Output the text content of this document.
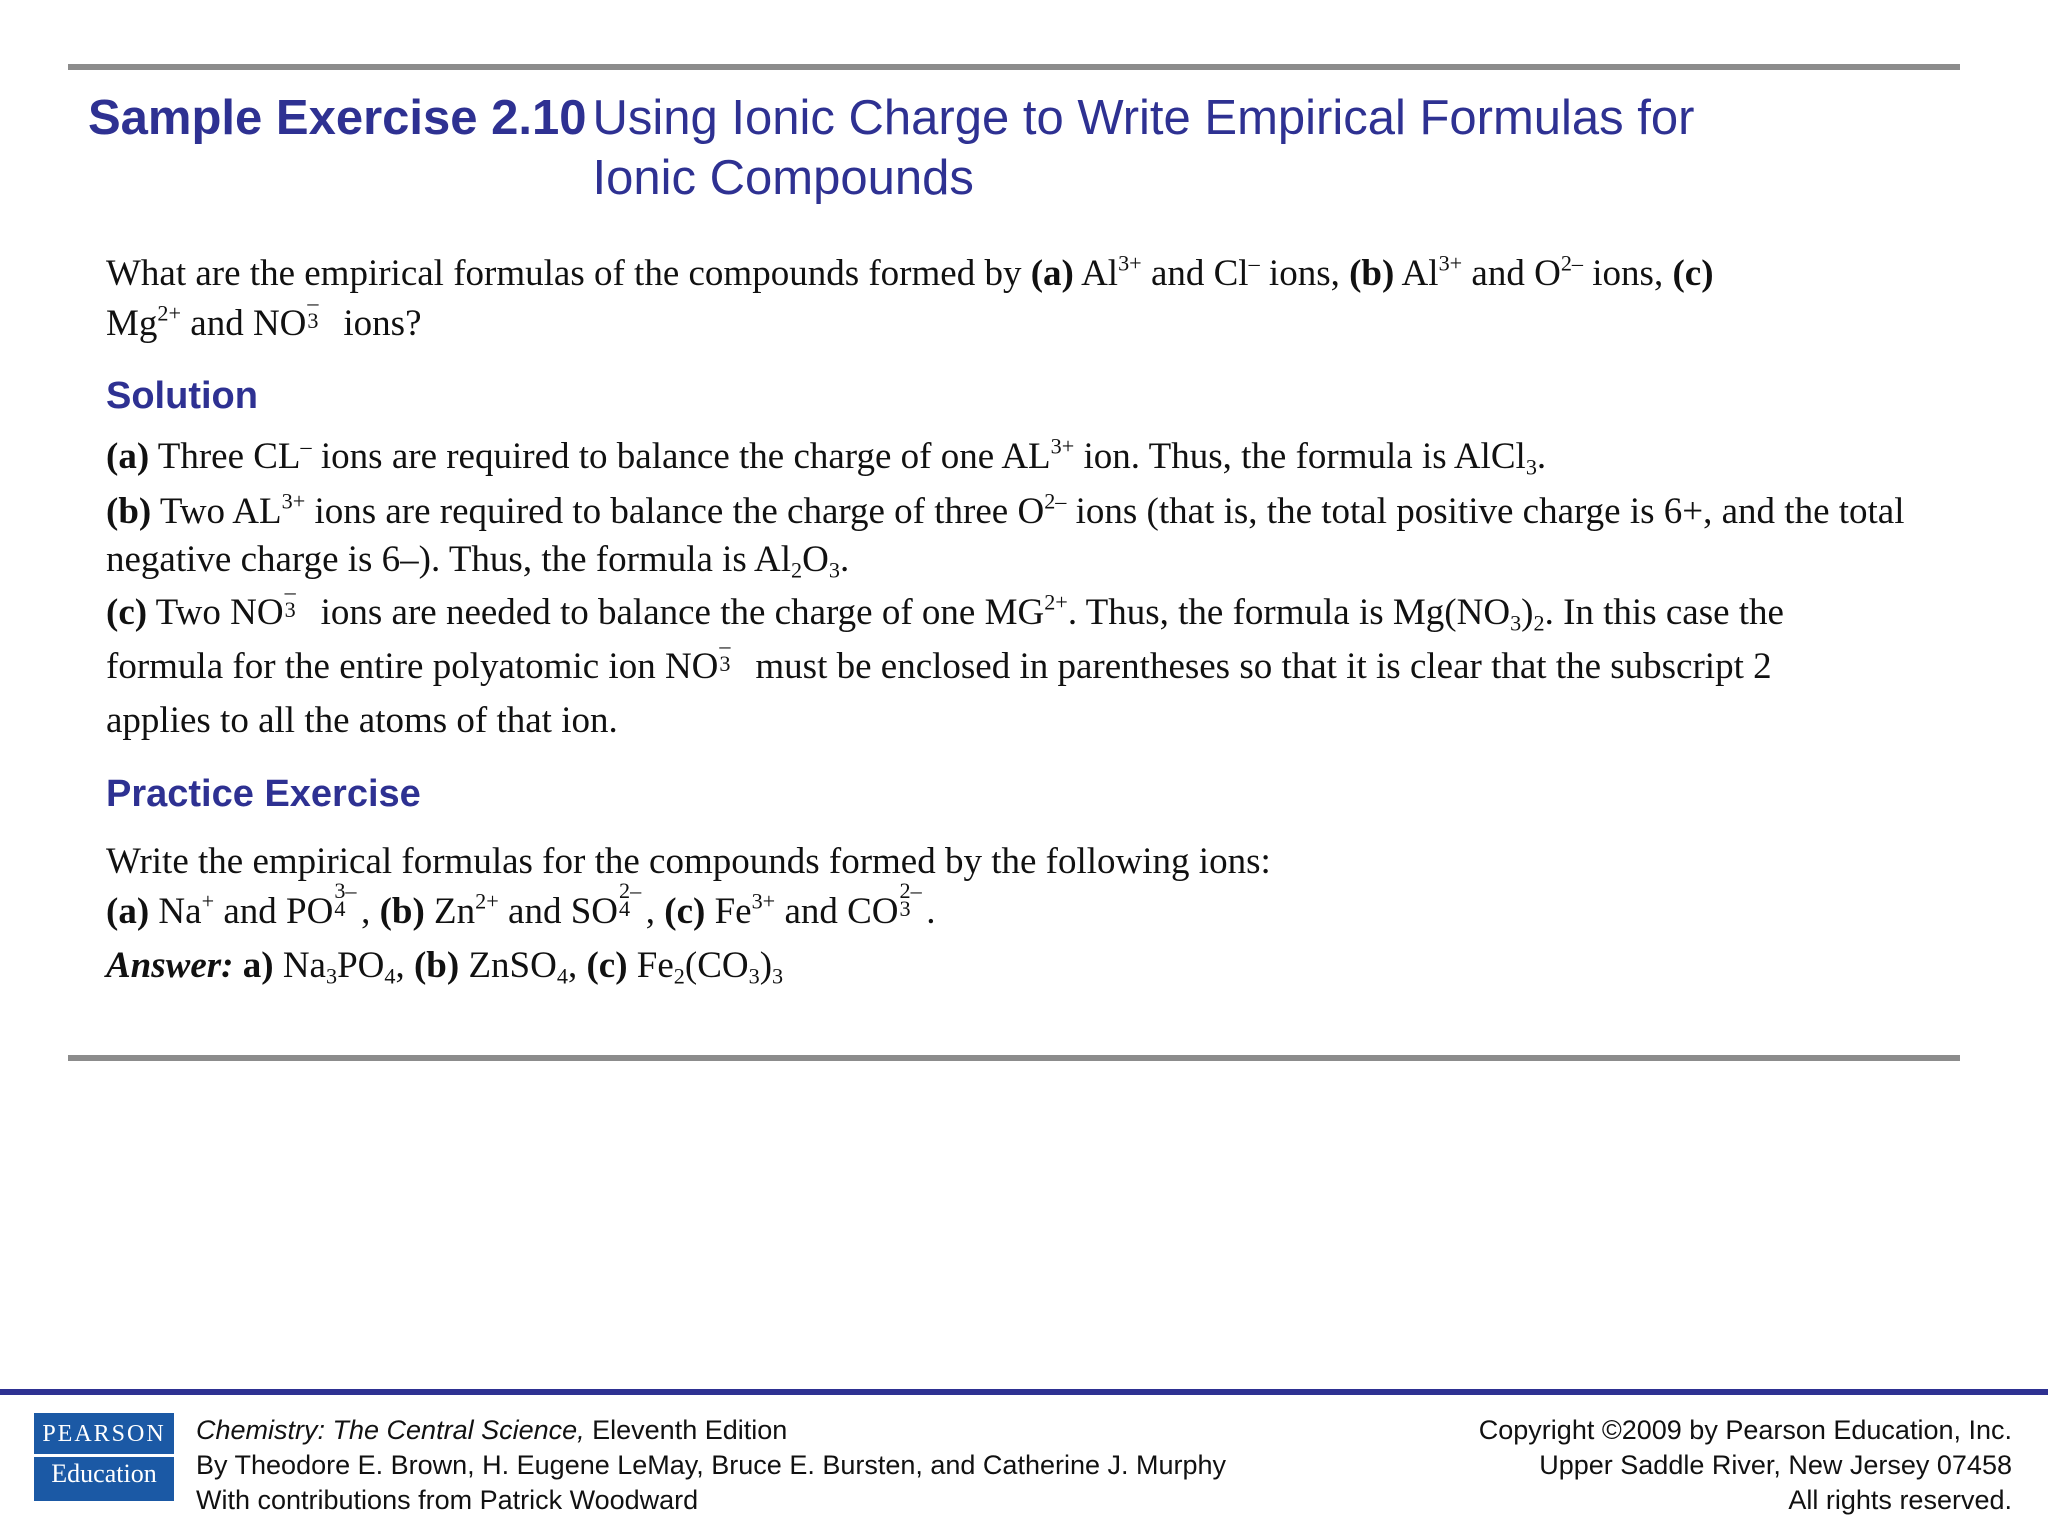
Sample Exercise 2.10 Using Ionic Charge to Write Empirical Formulas for Ionic Compounds

What are the empirical formulas of the compounds formed by (a) $Al^{3+}$ and Cl– ions, (b) $Al^{3+}$ and $O^{2-}$ ions, (c)
$Mg^{2+}$ and NO
–
3 ions?

Solution

(a) Three CL– ions are required to balance the charge of one $AL^{3+}$ ion. Thus, the formula is AlCl$_3$.

(b) Two $AL^{3+}$ ions are required to balance the charge of three $O^{2-}$ ions (that is, the total positive charge is 6+, and the total negative charge is 6–). Thus, the formula is $Al_2O_3$.

(c) Two NO
–
3 ions are needed to balance the charge of one $MG^{2+}$. Thus, the formula is $Mg(NO_3)_2$. In this case the formula for the entire polyatomic ion NO
–
3 must be enclosed in parentheses so that it is clear that the subscript 2 applies to all the atoms of that ion.

Practice Exercise

Write the empirical formulas for the compounds formed by the following ions:

(a) Na+ and PO
3–
4 , (b) $Zn^{2+}$ and SO
2–
4 , (c) $Fe^{3+}$ and CO
2–
3 .

Answer: a) $Na_3PO_4$, (b) ZnSO$_4$, (c) $Fe_2(CO_3)_3$

PEARSON
Education
Chemistry: The Central Science, Eleventh Edition
By Theodore E. Brown, H. Eugene LeMay, Bruce E. Bursten, and Catherine J. Murphy
With contributions from Patrick Woodward
Copyright ©2009 by Pearson Education, Inc.
Upper Saddle River, New Jersey 07458
All rights reserved.
